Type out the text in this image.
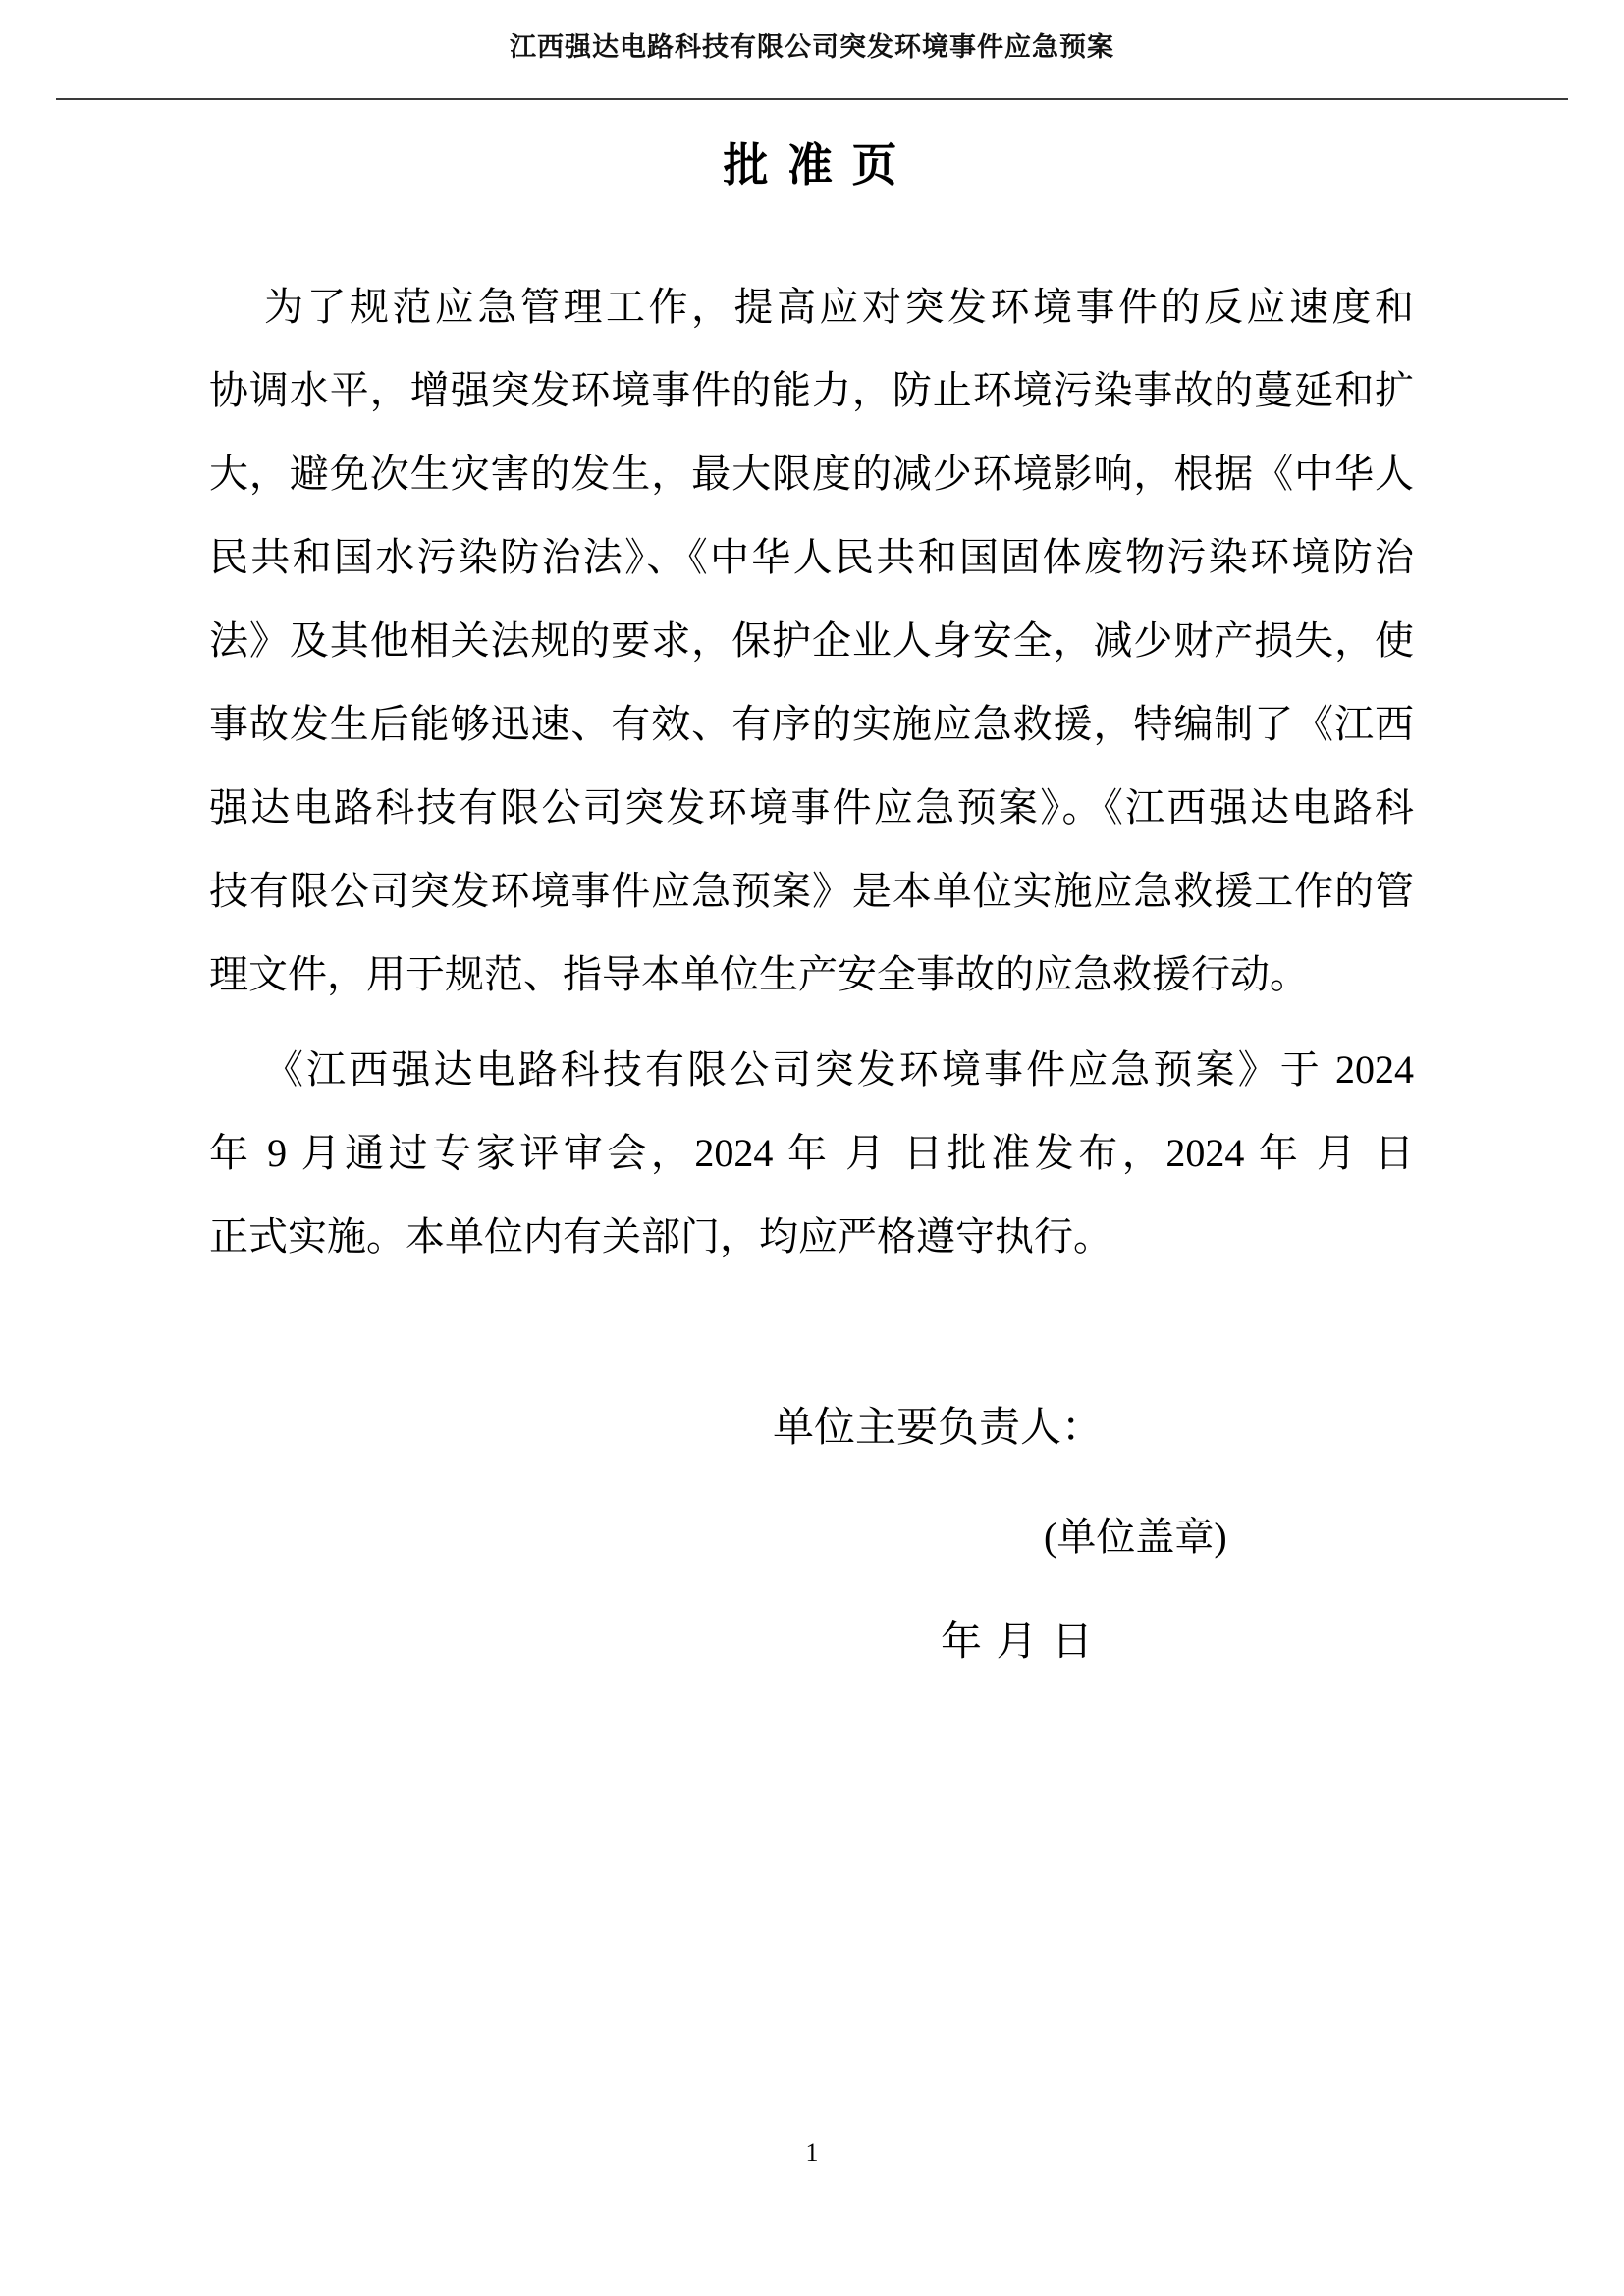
江西强达电路科技有限公司突发环境事件应急预案
批 准 页
为了规范应急管理工作，提高应对突发环境事件的反应速度和
协调水平，增强突发环境事件的能力，防止环境污染事故的蔓延和扩
大，避免次生灾害的发生，最大限度的减少环境影响，根据《中华人
民共和国水污染防治法》、《中华人民共和国固体废物污染环境防治
法》及其他相关法规的要求，保护企业人身安全，减少财产损失，使
事故发生后能够迅速、有效、有序的实施应急救援，特编制了《江西
强达电路科技有限公司突发环境事件应急预案》。《江西强达电路科
技有限公司突发环境事件应急预案》是本单位实施应急救援工作的管
理文件，用于规范、指导本单位生产安全事故的应急救援行动。
《江西强达电路科技有限公司突发环境事件应急预案》于 2024
年 9 月通过专家评审会，2024 年 月 日批准发布，2024 年 月 日
正式实施。本单位内有关部门，均应严格遵守执行。
单位主要负责人：
(单位盖章)
年 月 日
1
